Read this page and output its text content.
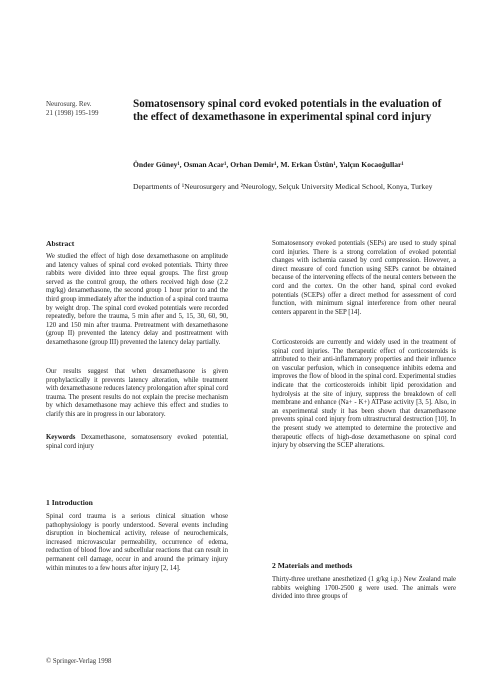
Neurosurg. Rev.
21 (1998) 195-199
Somatosensory spinal cord evoked potentials in the evaluation of the effect of dexamethasone in experimental spinal cord injury
Önder Güney¹, Osman Acar¹, Orhan Demir¹, M. Erkan Üstün¹, Yalçın Kocaoğullar¹
Departments of ¹Neurosurgery and ²Neurology, Selçuk University Medical School, Konya, Turkey
Abstract

We studied the effect of high dose dexamethasone on amplitude and latency values of spinal cord evoked potentials. Thirty three rabbits were divided into three equal groups. The first group served as the control group, the others received high dose (2.2 mg/kg) dexamethasone, the second group 1 hour prior to and the third group immediately after the induction of a spinal cord trauma by weight drop. The spinal cord evoked potentials were recorded repeatedly, before the trauma, 5 min after and 5, 15, 30, 60, 90, 120 and 150 min after trauma. Pretreatment with dexamethasone (group II) prevented the latency delay and posttreatment with dexamethasone (group III) prevented the latency delay partially.

Our results suggest that when dexamethasone is given prophylactically it prevents latency alteration, while treatment with dexamethasone reduces latency prolongation after spinal cord trauma. The present results do not explain the precise mechanism by which dexamethasone may achieve this effect and studies to clarify this are in progress in our laboratory.

Keywords Dexamethasone, somatosensory evoked potential, spinal cord injury

1 Introduction

Spinal cord trauma is a serious clinical situation whose pathophysiology is poorly understood. Several events including disruption in biochemical activity, release of neurochemicals, increased microvascular permeability, occurrence of edema, reduction of blood flow and subcellular reactions that can result in permanent cell damage, occur in and around the primary injury within minutes to a few hours after injury [2, 14].

Somatosensory evoked potentials (SEPs) are used to study spinal cord injuries. There is a strong correlation of evoked potential changes with ischemia caused by cord compression. However, a direct measure of cord function using SEPs cannot be obtained because of the intervening effects of the neural centers between the cord and the cortex. On the other hand, spinal cord evoked potentials (SCEPs) offer a direct method for assessment of cord function, with minimum signal interference from other neural centers apparent in the SEP [14].

Corticosteroids are currently and widely used in the treatment of spinal cord injuries. The therapeutic effect of corticosteroids is attributed to their anti-inflammatory properties and their influence on vascular perfusion, which in consequence inhibits edema and improves the flow of blood in the spinal cord. Experimental studies indicate that the corticosteroids inhibit lipid peroxidation and hydrolysis at the site of injury, suppress the breakdown of cell membrane and enhance (Na+ - K+) ATPase activity [3, 5]. Also, in an experimental study it has been shown that dexamethasone prevents spinal cord injury from ultrastructural destruction [10]. In the present study we attempted to determine the protective and therapeutic effects of high-dose dexamethasone on spinal cord injury by observing the SCEP alterations.

2 Materials and methods

Thirty-three urethane anesthetized (1 g/kg i.p.) New Zealand male rabbits weighing 1700-2500 g were used. The animals were divided into three groups of

© Springer-Verlag 1998
